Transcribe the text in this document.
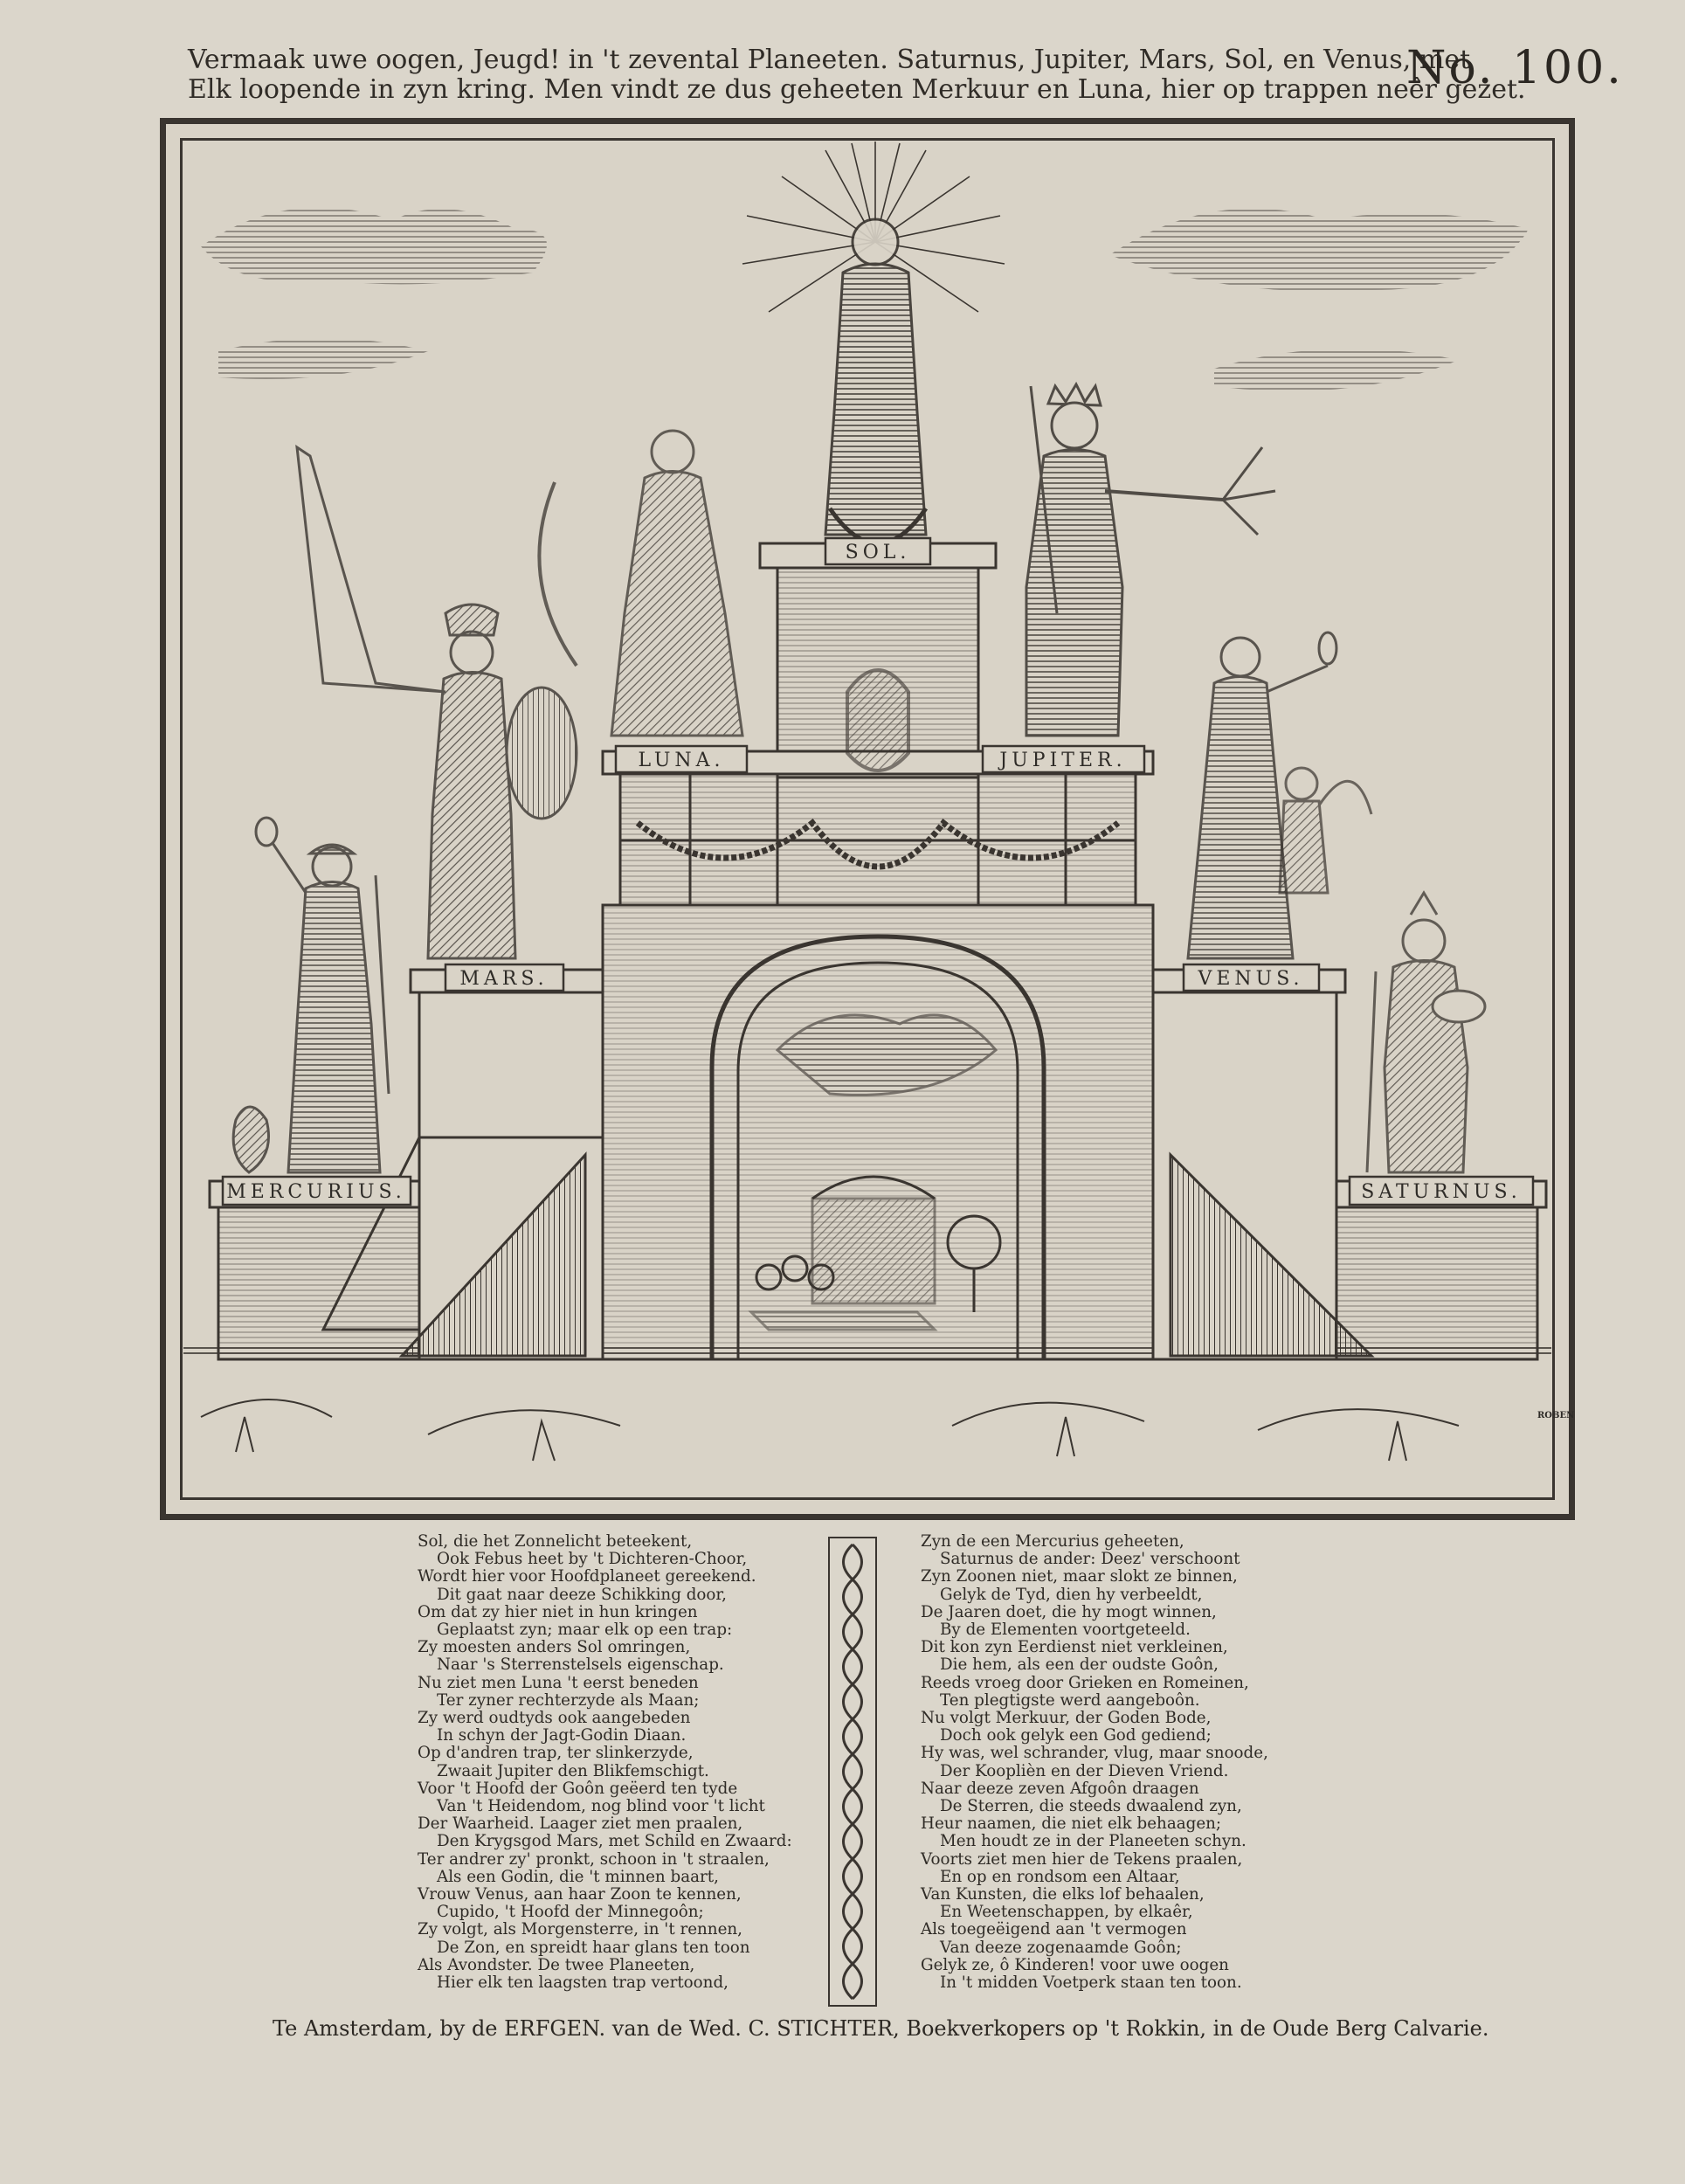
Vermaak uwe oogen, Jeugd! in 't zevental Planeeten. Saturnus, Jupiter, Mars, Sol, en Venus, met
Elk loopende in zyn kring. Men vindt ze dus geheeten Merkuur en Luna, hier op trappen neêr gezet.
No. 100.
SOL.
LUNA.	JUPITER.
MARS.	VENUS.
MERCURIUS.	SATURNUS.
ROBEN
Sol, die het Zonnelicht beteekent,
Ook Febus heet by 't Dichteren-Choor,
Wordt hier voor Hoofdplaneet gereekend.
Dit gaat naar deeze Schikking door,
Om dat zy hier niet in hun kringen
Geplaatst zyn; maar elk op een trap:
Zy moesten anders Sol omringen,
Naar 's Sterrenstelsels eigenschap.
Nu ziet men Luna 't eerst beneden
Ter zyner rechterzyde als Maan;
Zy werd oudtyds ook aangebeden
In schyn der Jagt-Godin Diaan.
Op d'andren trap, ter slinkerzyde,
Zwaait Jupiter den Blikfemschigt.
Voor 't Hoofd der Goôn geëerd ten tyde
Van 't Heidendom, nog blind voor 't licht
Der Waarheid. Laager ziet men praalen,
Den Krygsgod Mars, met Schild en Zwaard:
Ter andrer zy' pronkt, schoon in 't straalen,
Als een Godin, die 't minnen baart,
Vrouw Venus, aan haar Zoon te kennen,
Cupido, 't Hoofd der Minnegoôn;
Zy volgt, als Morgensterre, in 't rennen,
De Zon, en spreidt haar glans ten toon
Als Avondster. De twee Planeeten,
Hier elk ten laagsten trap vertoond,
Zyn de een Mercurius geheeten,
Saturnus de ander: Deez' verschoont
Zyn Zoonen niet, maar slokt ze binnen,
Gelyk de Tyd, dien hy verbeeldt,
De Jaaren doet, die hy mogt winnen,
By de Elementen voortgeteeld.
Dit kon zyn Eerdienst niet verkleinen,
Die hem, als een der oudste Goôn,
Reeds vroeg door Grieken en Romeinen,
Ten plegtigste werd aangeboôn.
Nu volgt Merkuur, der Goden Bode,
Doch ook gelyk een God gediend;
Hy was, wel schrander, vlug, maar snoode,
Der Kooplièn en der Dieven Vriend.
Naar deeze zeven Afgoôn draagen
De Sterren, die steeds dwaalend zyn,
Heur naamen, die niet elk behaagen;
Men houdt ze in der Planeeten schyn.
Voorts ziet men hier de Tekens praalen,
En op en rondsom een Altaar,
Van Kunsten, die elks lof behaalen,
En Weetenschappen, by elkaêr,
Als toegeëigend aan 't vermogen
Van deeze zogenaamde Goôn;
Gelyk ze, ô Kinderen! voor uwe oogen
In 't midden Voetperk staan ten toon.
Te Amsterdam, by de ERFGEN. van de Wed. C. STICHTER, Boekverkopers op 't Rokkin, in de Oude Berg Calvarie.
